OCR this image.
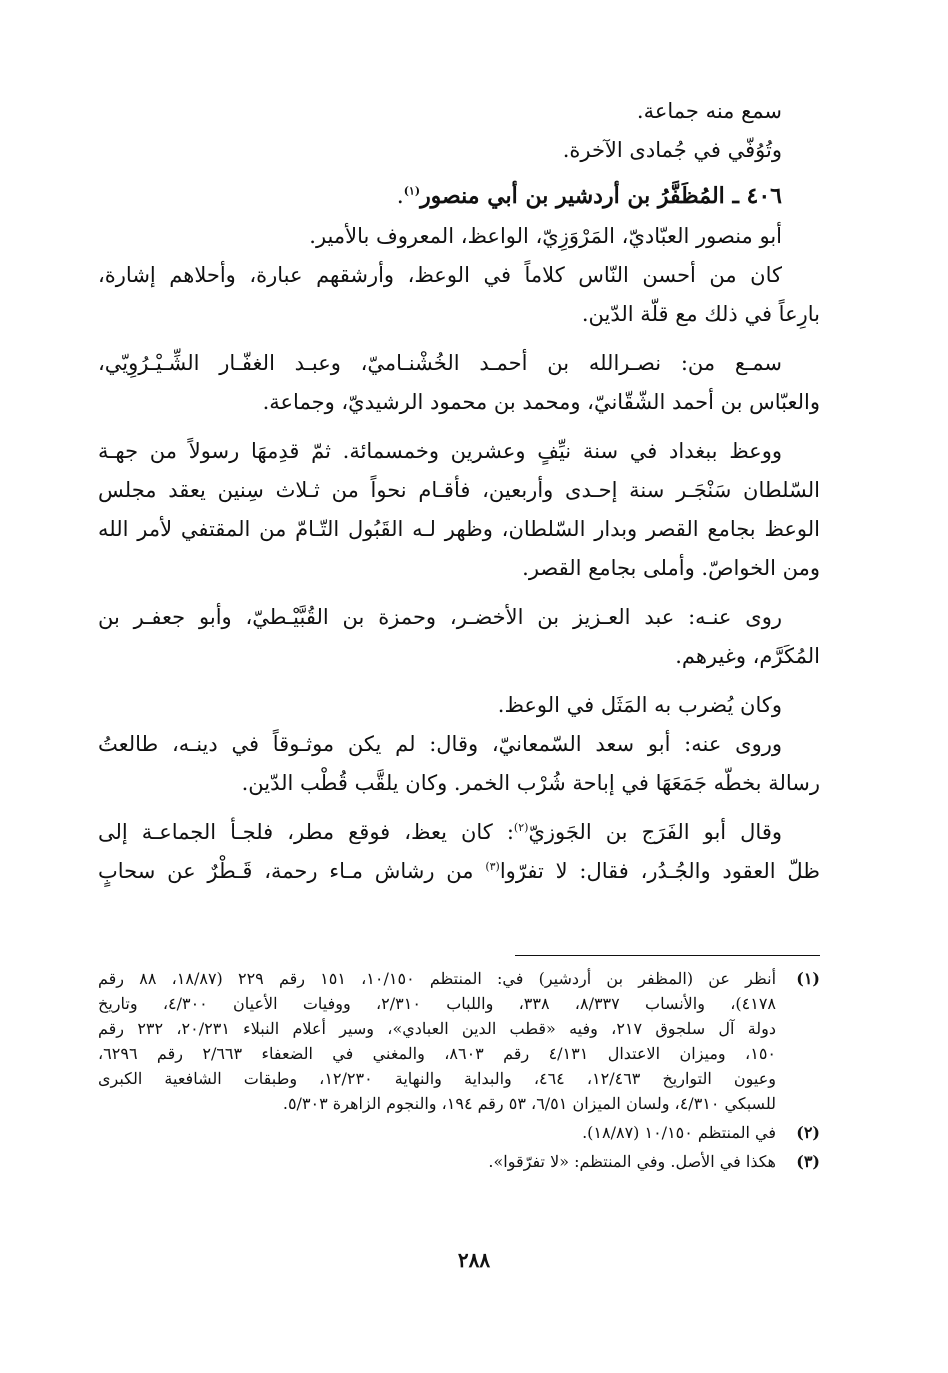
سمع منه جماعة.

وتُوُفّي في جُمادى الآخرة.

٤٠٦ ـ المُظَفَّرُ بن أردشير بن أبي منصور$^{(١)}$.

أبو منصور العبّاديّ، المَرْوَزِيّ، الواعظ، المعروف بالأمير.

كان من أحسن النّاس كلاماً في الوعظ، وأرشقهم عبارة، وأحلاهم إشارة،

بارِعاً في ذلك مع قلّة الدّين.

سمـع من: نصـرالله بن أحمـد الخُشْنـاميّ، وعبـد الغفّـار الشِّـيْـرُوِيّي،

والعبّاس بن أحمد الشّقّانيّ، ومحمد بن محمود الرشيديّ، وجماعة.

ووعظ ببغداد في سنة نيِّفٍ وعشرين وخمسمائة. ثمّ قدِمهَا رسولاً من جهـة

السّلطان سَنْجَـر سنة إحـدى وأربعين، فأقـام نحواً من ثـلاث سِنين يعقد مجلس

الوعظ بجامع القصر وبدار السّلطان، وظهر لـه القَبُول التّـامّ من المقتفي لأمر الله

ومن الخواصّ. وأملى بجامع القصر.

روى عنـه: عبد العـزيز بن الأخضـر، وحمزة بن القُبَّيْـطيّ، وأبو جعفـر بن

المُكَرَّم، وغيرهم.

وكان يُضرب به المَثَل في الوعظ.

وروى عنه: أبو سعد السّمعانيّ، وقال: لم يكن موثـوقاً في دينـه، طالعتُ

رسالة بخطّه جَمَعَهَا في إباحة شُرْب الخمر. وكان يلقَّب قُطْب الدّين.

وقال أبو الفَرَج بن الجَوزيّ$^{(٢)}$: كان يعظ، فوقع مطر، فلجـأ الجماعـة إلى

ظلّ العقود والجُـدُر، فقال: لا تفرّوا$^{(٣)}$ من رشاش مـاء رحمة، قَـطْرٌ عن سحابٍ

(١)
أنظر عن (المظفر بن أردشير) في: المنتظم ١٠/١٥٠، ١٥١ رقم ٢٢٩ (١٨/٨٧، ٨٨ رقم
٤١٧٨)، والأنساب ٨/٣٣٧، ٣٣٨، واللباب ٢/٣١٠، ووفيات الأعيان ٤/٣٠٠، وتاريخ
دولة آل سلجوق ٢١٧، وفيه «قطب الدين العبادي»، وسير أعلام النبلاء ٢٠/٢٣١، ٢٣٢ رقم
١٥٠، وميزان الاعتدال ٤/١٣١ رقم ٨٦٠٣، والمغني في الضعفاء ٢/٦٦٣ رقم ٦٢٩٦،
وعيون التواريخ ١٢/٤٦٣، ٤٦٤، والبداية والنهاية ١٢/٢٣٠، وطبقات الشافعية الكبرى
للسبكي ٤/٣١٠، ولسان الميزان ٦/٥١، ٥٣ رقم ١٩٤، والنجوم الزاهرة ٥/٣٠٣.
(٢)
في المنتظم ١٠/١٥٠ (١٨/٨٧).
(٣)
هكذا في الأصل. وفي المنتظم: «لا تفرّقوا».
٢٨٨
